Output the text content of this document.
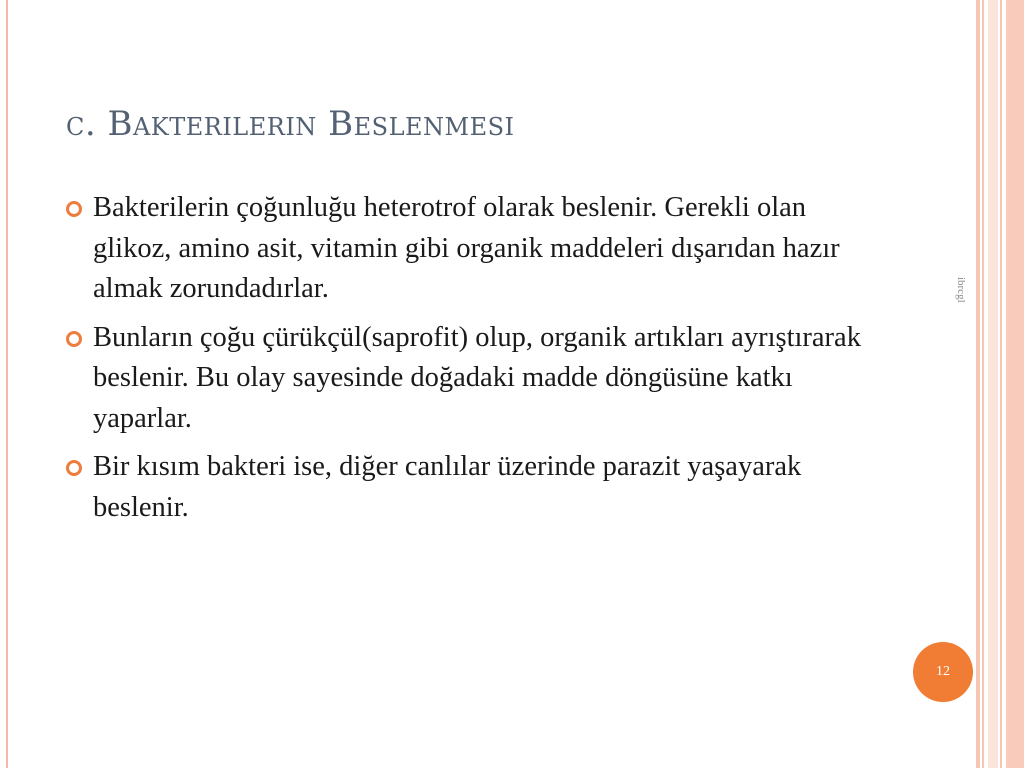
c. Bakterilerin Beslenmesi
Bakterilerin çoğunluğu heterotrof olarak beslenir. Gerekli olan glikoz, amino asit, vitamin gibi organik maddeleri dışarıdan hazır almak zorundadırlar.
Bunların çoğu çürükçül(saprofit) olup, organik artıkları ayrıştırarak beslenir. Bu olay sayesinde doğadaki madde döngüsüne katkı yaparlar.
Bir kısım bakteri ise, diğer canlılar üzerinde parazit yaşayarak beslenir.
ibrcgl
12
